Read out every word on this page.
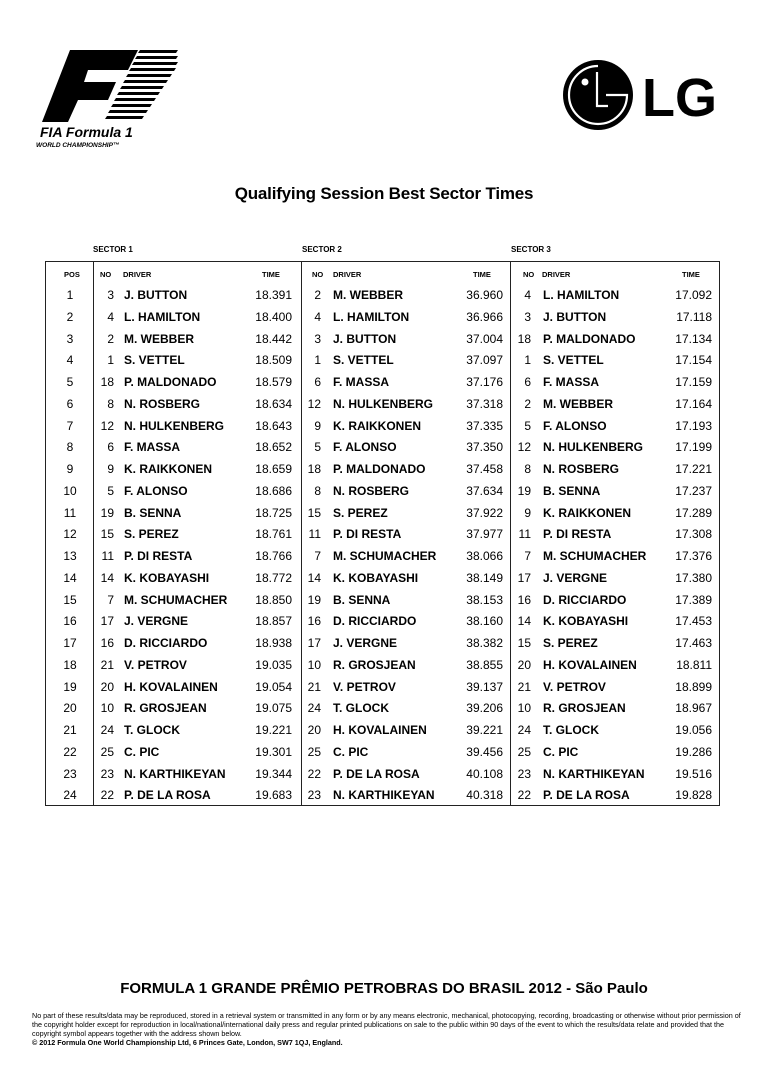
FIA Formula 1
WORLD CHAMPIONSHIP™
LG
Qualifying Session Best Sector Times
SECTOR 1	SECTOR 2	SECTOR 3
POS	NO DRIVER	TIME	NO DRIVER	TIME	NO DRIVER	TIME
1	3 J. BUTTON	18.391	2 M. WEBBER	36.960	4 L. HAMILTON	17.092
2	4 L. HAMILTON	18.400	4 L. HAMILTON	36.966	3 J. BUTTON	17.118
3	2 M. WEBBER	18.442	3 J. BUTTON	37.004	18 P. MALDONADO	17.134
4	1 S. VETTEL	18.509	1 S. VETTEL	37.097	1 S. VETTEL	17.154
5	18 P. MALDONADO	18.579	6 F. MASSA	37.176	6 F. MASSA	17.159
6	8 N. ROSBERG	18.634	12 N. HULKENBERG	37.318	2 M. WEBBER	17.164
7	12 N. HULKENBERG	18.643	9 K. RAIKKONEN	37.335	5 F. ALONSO	17.193
8	6 F. MASSA	18.652	5 F. ALONSO	37.350	12 N. HULKENBERG	17.199
9	9 K. RAIKKONEN	18.659	18 P. MALDONADO	37.458	8 N. ROSBERG	17.221
10	5 F. ALONSO	18.686	8 N. ROSBERG	37.634	19 B. SENNA	17.237
11	19 B. SENNA	18.725	15 S. PEREZ	37.922	9 K. RAIKKONEN	17.289
12	15 S. PEREZ	18.761	11 P. DI RESTA	37.977	11 P. DI RESTA	17.308
13	11 P. DI RESTA	18.766	7 M. SCHUMACHER	38.066	7 M. SCHUMACHER	17.376
14	14 K. KOBAYASHI	18.772	14 K. KOBAYASHI	38.149	17 J. VERGNE	17.380
15	7 M. SCHUMACHER	18.850	19 B. SENNA	38.153	16 D. RICCIARDO	17.389
16	17 J. VERGNE	18.857	16 D. RICCIARDO	38.160	14 K. KOBAYASHI	17.453
17	16 D. RICCIARDO	18.938	17 J. VERGNE	38.382	15 S. PEREZ	17.463
18	21 V. PETROV	19.035	10 R. GROSJEAN	38.855	20 H. KOVALAINEN	18.811
19	20 H. KOVALAINEN	19.054	21 V. PETROV	39.137	21 V. PETROV	18.899
20	10 R. GROSJEAN	19.075	24 T. GLOCK	39.206	10 R. GROSJEAN	18.967
21	24 T. GLOCK	19.221	20 H. KOVALAINEN	39.221	24 T. GLOCK	19.056
22	25 C. PIC	19.301	25 C. PIC	39.456	25 C. PIC	19.286
23	23 N. KARTHIKEYAN	19.344	22 P. DE LA ROSA	40.108	23 N. KARTHIKEYAN	19.516
24	22 P. DE LA ROSA	19.683	23 N. KARTHIKEYAN	40.318	22 P. DE LA ROSA	19.828
FORMULA 1 GRANDE PRÊMIO PETROBRAS DO BRASIL 2012 - São Paulo
No part of these results/data may be reproduced, stored in a retrieval system or transmitted in any form or by any means electronic, mechanical, photocopying, recording, broadcasting or otherwise without prior permission of the copyright holder except for reproduction in local/national/international daily press and regular printed publications on sale to the public within 90 days of the event to which the results/data relate and provided that the copyright symbol appears together with the address shown below.
© 2012 Formula One World Championship Ltd, 6 Princes Gate, London, SW7 1QJ, England.
